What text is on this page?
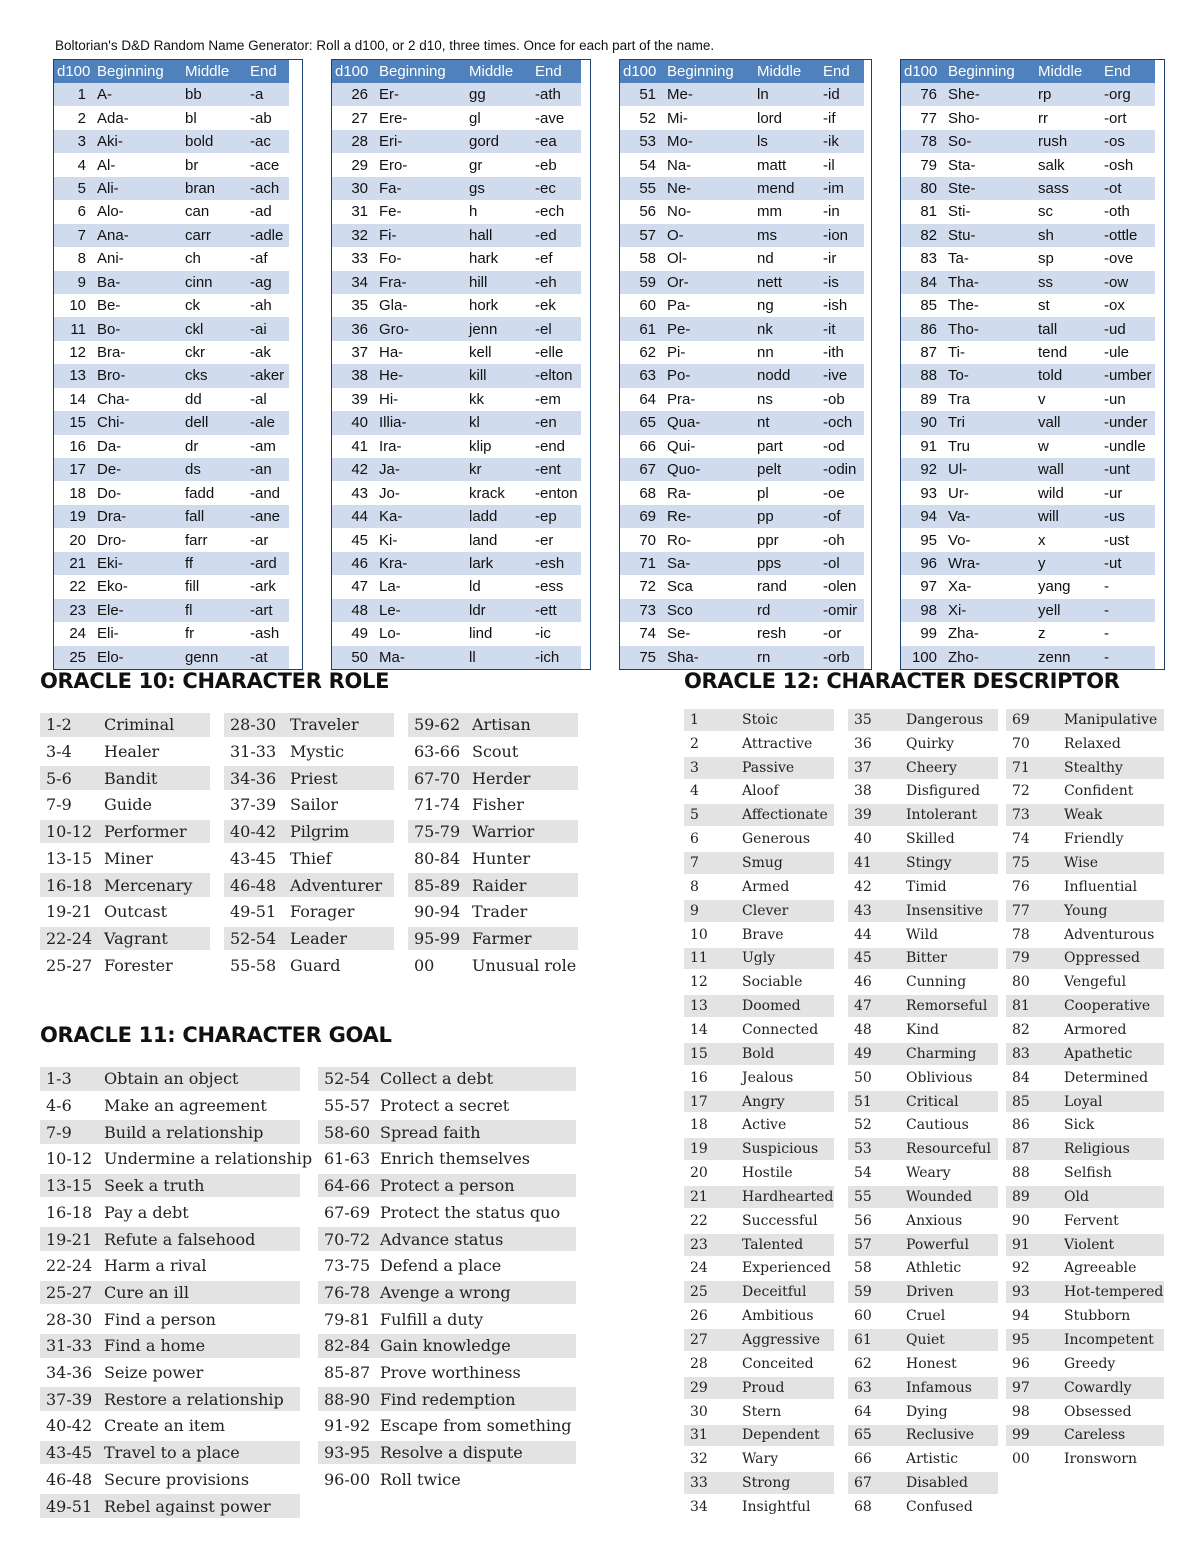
Boltorian's D&D Random Name Generator: Roll a d100, or 2 d10, three times. Once for each part of the name.
d100	Beginning	Middle	End
1	A-	bb	-a
2	Ada-	bl	-ab
3	Aki-	bold	-ac
4	Al-	br	-ace
5	Ali-	bran	-ach
6	Alo-	can	-ad
7	Ana-	carr	-adle
8	Ani-	ch	-af
9	Ba-	cinn	-ag
10	Be-	ck	-ah
11	Bo-	ckl	-ai
12	Bra-	ckr	-ak
13	Bro-	cks	-aker
14	Cha-	dd	-al
15	Chi-	dell	-ale
16	Da-	dr	-am
17	De-	ds	-an
18	Do-	fadd	-and
19	Dra-	fall	-ane
20	Dro-	farr	-ar
21	Eki-	ff	-ard
22	Eko-	fill	-ark
23	Ele-	fl	-art
24	Eli-	fr	-ash
25	Elo-	genn	-at
d100	Beginning	Middle	End
26	Er-	gg	-ath
27	Ere-	gl	-ave
28	Eri-	gord	-ea
29	Ero-	gr	-eb
30	Fa-	gs	-ec
31	Fe-	h	-ech
32	Fi-	hall	-ed
33	Fo-	hark	-ef
34	Fra-	hill	-eh
35	Gla-	hork	-ek
36	Gro-	jenn	-el
37	Ha-	kell	-elle
38	He-	kill	-elton
39	Hi-	kk	-em
40	Illia-	kl	-en
41	Ira-	klip	-end
42	Ja-	kr	-ent
43	Jo-	krack	-enton
44	Ka-	ladd	-ep
45	Ki-	land	-er
46	Kra-	lark	-esh
47	La-	ld	-ess
48	Le-	ldr	-ett
49	Lo-	lind	-ic
50	Ma-	ll	-ich
d100	Beginning	Middle	End
51	Me-	ln	-id
52	Mi-	lord	-if
53	Mo-	ls	-ik
54	Na-	matt	-il
55	Ne-	mend	-im
56	No-	mm	-in
57	O-	ms	-ion
58	Ol-	nd	-ir
59	Or-	nett	-is
60	Pa-	ng	-ish
61	Pe-	nk	-it
62	Pi-	nn	-ith
63	Po-	nodd	-ive
64	Pra-	ns	-ob
65	Qua-	nt	-och
66	Qui-	part	-od
67	Quo-	pelt	-odin
68	Ra-	pl	-oe
69	Re-	pp	-of
70	Ro-	ppr	-oh
71	Sa-	pps	-ol
72	Sca	rand	-olen
73	Sco	rd	-omir
74	Se-	resh	-or
75	Sha-	rn	-orb
d100	Beginning	Middle	End
76	She-	rp	-org
77	Sho-	rr	-ort
78	So-	rush	-os
79	Sta-	salk	-osh
80	Ste-	sass	-ot
81	Sti-	sc	-oth
82	Stu-	sh	-ottle
83	Ta-	sp	-ove
84	Tha-	ss	-ow
85	The-	st	-ox
86	Tho-	tall	-ud
87	Ti-	tend	-ule
88	To-	told	-umber
89	Tra	v	-un
90	Tri	vall	-under
91	Tru	w	-undle
92	Ul-	wall	-unt
93	Ur-	wild	-ur
94	Va-	will	-us
95	Vo-	x	-ust
96	Wra-	y	-ut
97	Xa-	yang	-
98	Xi-	yell	-
99	Zha-	z	-
100	Zho-	zenn	-
ORACLE 10: CHARACTER ROLE
1-2	Criminal
3-4	Healer
5-6	Bandit
7-9	Guide
10-12 Performer
13-15 Miner
16-18 Mercenary
19-21 Outcast
22-24 Vagrant
25-27 Forester
28-30 Traveler
31-33 Mystic
34-36 Priest
37-39 Sailor
40-42 Pilgrim
43-45 Thief
46-48 Adventurer
49-51 Forager
52-54 Leader
55-58 Guard
59-62 Artisan
63-66 Scout
67-70 Herder
71-74 Fisher
75-79 Warrior
80-84 Hunter
85-89 Raider
90-94 Trader
95-99 Farmer
00	Unusual role
ORACLE 11: CHARACTER GOAL
1-3	Obtain an object
4-6	Make an agreement
7-9	Build a relationship
10-12 Undermine a relationship
13-15 Seek a truth
16-18 Pay a debt
19-21 Refute a falsehood
22-24 Harm a rival
25-27 Cure an ill
28-30 Find a person
31-33 Find a home
34-36 Seize power
37-39 Restore a relationship
40-42 Create an item
43-45 Travel to a place
46-48 Secure provisions
49-51 Rebel against power
52-54 Collect a debt
55-57 Protect a secret
58-60 Spread faith
61-63 Enrich themselves
64-66 Protect a person
67-69 Protect the status quo
70-72 Advance status
73-75 Defend a place
76-78 Avenge a wrong
79-81 Fulfill a duty
82-84 Gain knowledge
85-87 Prove worthiness
88-90 Find redemption
91-92 Escape from something
93-95 Resolve a dispute
96-00 Roll twice
ORACLE 12: CHARACTER DESCRIPTOR
1	Stoic
2	Attractive
3	Passive
4	Aloof
5	Affectionate
6	Generous
7	Smug
8	Armed
9	Clever
10	Brave
11	Ugly
12	Sociable
13	Doomed
14	Connected
15	Bold
16	Jealous
17	Angry
18	Active
19	Suspicious
20	Hostile
21	Hardhearted
22	Successful
23	Talented
24	Experienced
25	Deceitful
26	Ambitious
27	Aggressive
28	Conceited
29	Proud
30	Stern
31	Dependent
32	Wary
33	Strong
34	Insightful
35	Dangerous
36	Quirky
37	Cheery
38	Disfigured
39	Intolerant
40	Skilled
41	Stingy
42	Timid
43	Insensitive
44	Wild
45	Bitter
46	Cunning
47	Remorseful
48	Kind
49	Charming
50	Oblivious
51	Critical
52	Cautious
53	Resourceful
54	Weary
55	Wounded
56	Anxious
57	Powerful
58	Athletic
59	Driven
60	Cruel
61	Quiet
62	Honest
63	Infamous
64	Dying
65	Reclusive
66	Artistic
67	Disabled
68	Confused
69	Manipulative
70	Relaxed
71	Stealthy
72	Confident
73	Weak
74	Friendly
75	Wise
76	Influential
77	Young
78	Adventurous
79	Oppressed
80	Vengeful
81	Cooperative
82	Armored
83	Apathetic
84	Determined
85	Loyal
86	Sick
87	Religious
88	Selfish
89	Old
90	Fervent
91	Violent
92	Agreeable
93	Hot-tempered
94	Stubborn
95	Incompetent
96	Greedy
97	Cowardly
98	Obsessed
99	Careless
00	Ironsworn
